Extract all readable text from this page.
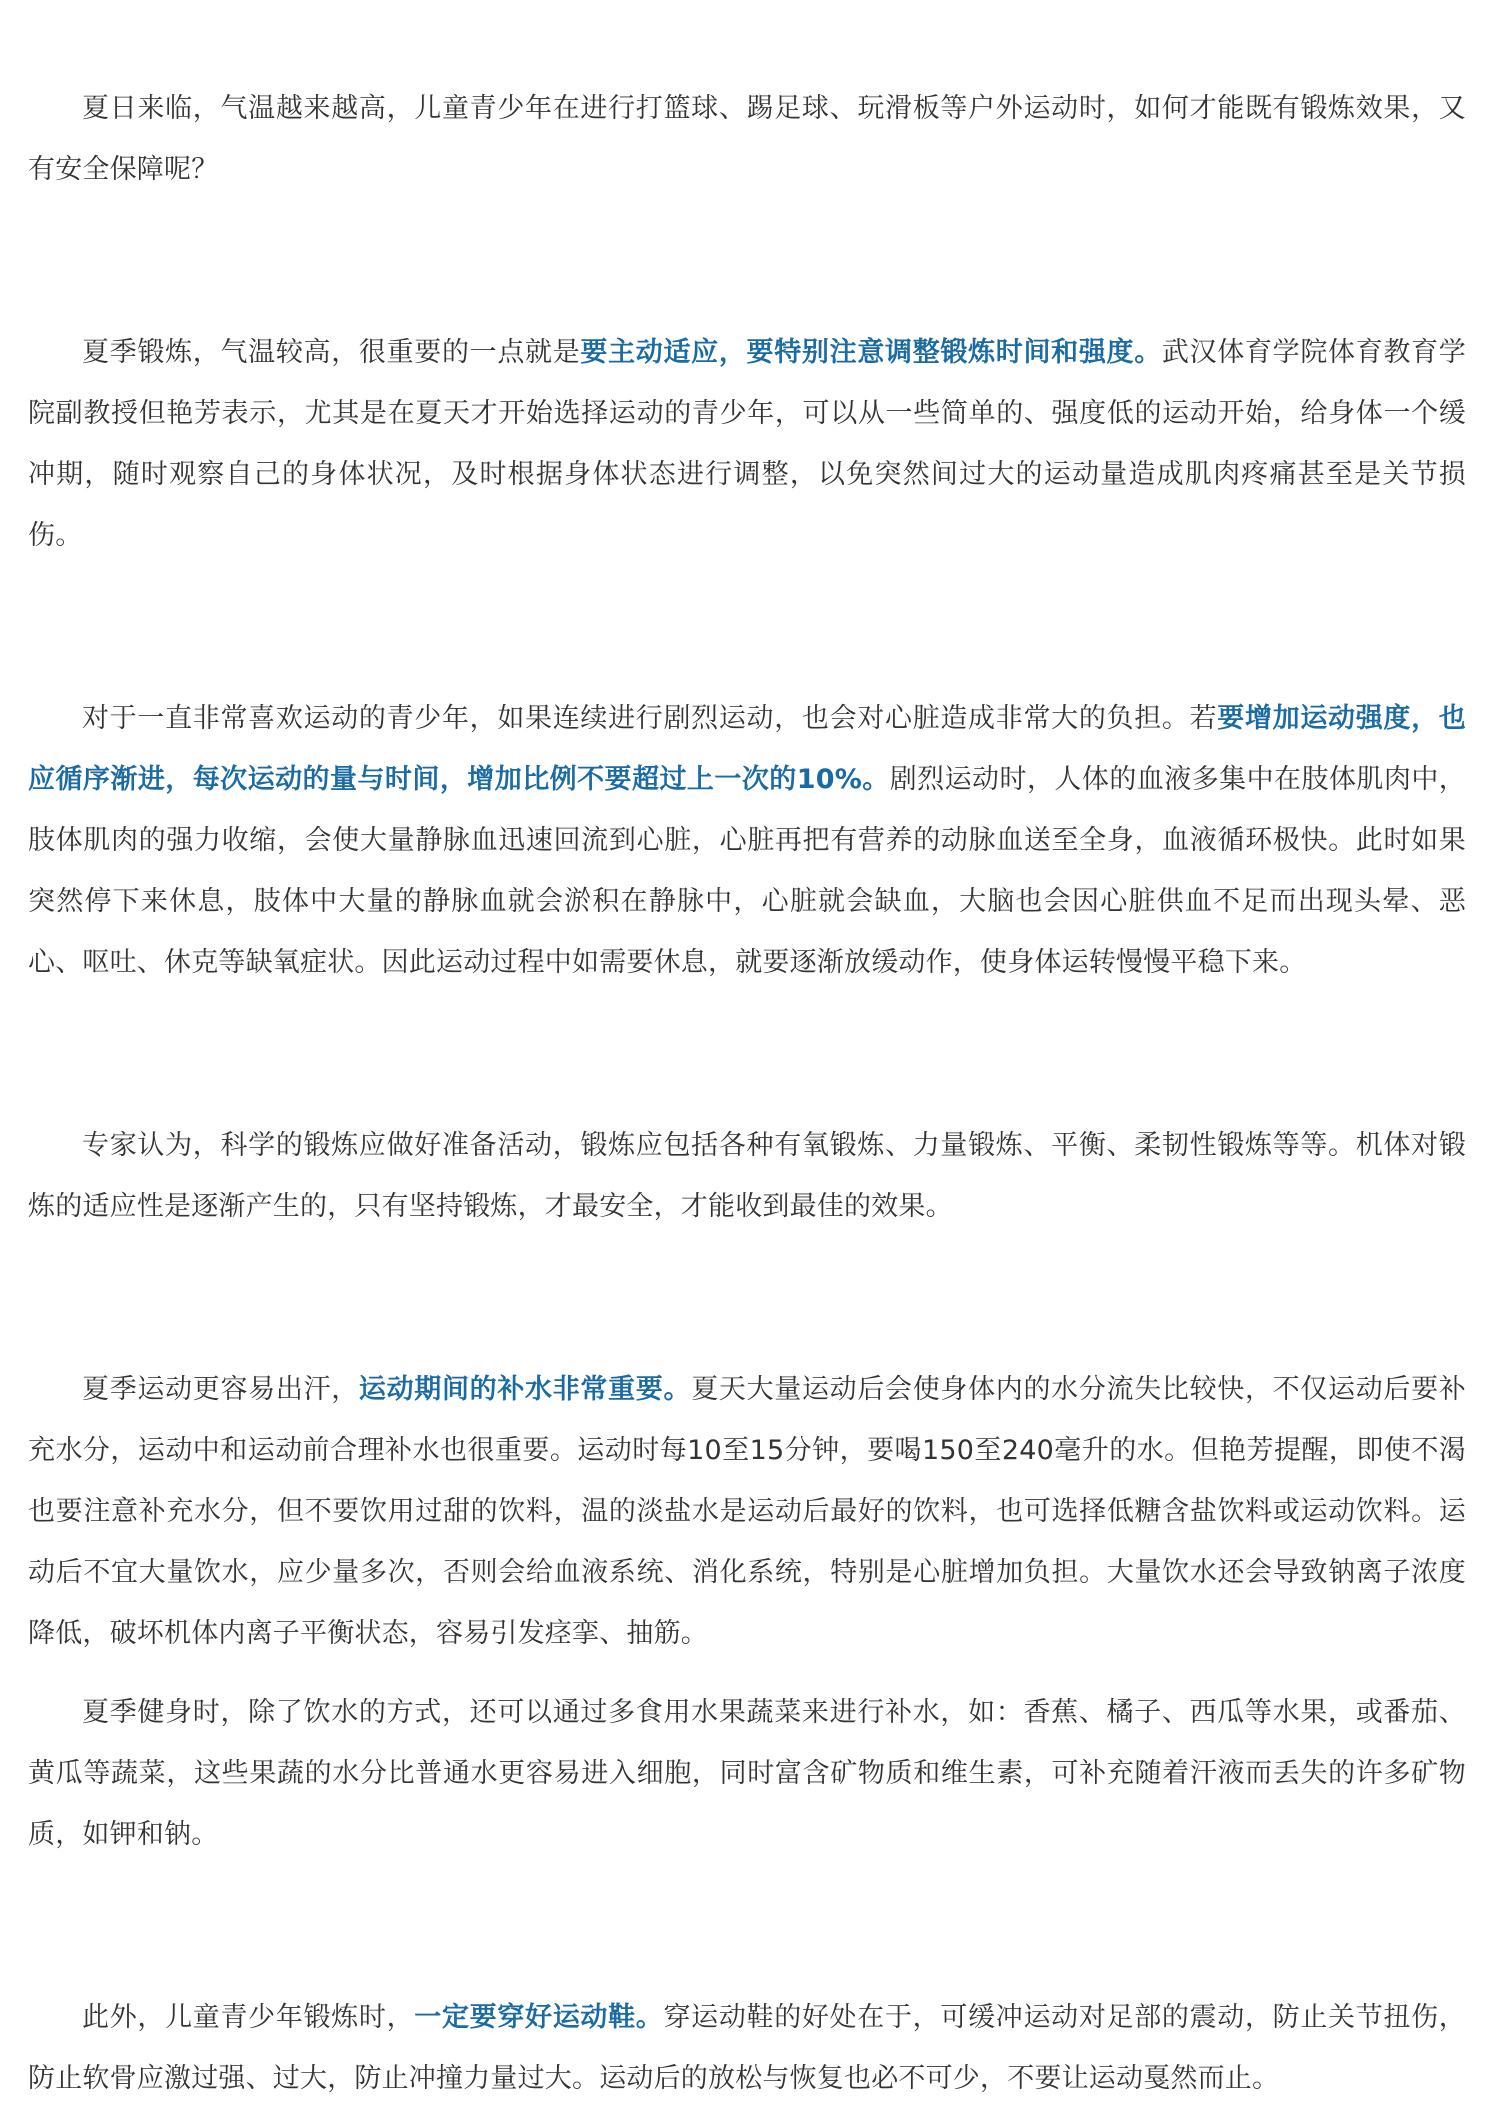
夏日来临，气温越来越高，儿童青少年在进行打篮球、踢足球、玩滑板等户外运动时，如何才能既有锻炼效果，又有安全保障呢？

夏季锻炼，气温较高，很重要的一点就是要主动适应，要特别注意调整锻炼时间和强度。武汉体育学院体育教育学院副教授但艳芳表示，尤其是在夏天才开始选择运动的青少年，可以从一些简单的、强度低的运动开始，给身体一个缓冲期，随时观察自己的身体状况，及时根据身体状态进行调整，以免突然间过大的运动量造成肌肉疼痛甚至是关节损伤。

对于一直非常喜欢运动的青少年，如果连续进行剧烈运动，也会对心脏造成非常大的负担。若要增加运动强度，也应循序渐进，每次运动的量与时间，增加比例不要超过上一次的10%。剧烈运动时，人体的血液多集中在肢体肌肉中，肢体肌肉的强力收缩，会使大量静脉血迅速回流到心脏，心脏再把有营养的动脉血送至全身，血液循环极快。此时如果突然停下来休息，肢体中大量的静脉血就会淤积在静脉中，心脏就会缺血，大脑也会因心脏供血不足而出现头晕、恶心、呕吐、休克等缺氧症状。因此运动过程中如需要休息，就要逐渐放缓动作，使身体运转慢慢平稳下来。

专家认为，科学的锻炼应做好准备活动，锻炼应包括各种有氧锻炼、力量锻炼、平衡、柔韧性锻炼等等。机体对锻炼的适应性是逐渐产生的，只有坚持锻炼，才最安全，才能收到最佳的效果。

夏季运动更容易出汗，运动期间的补水非常重要。夏天大量运动后会使身体内的水分流失比较快，不仅运动后要补充水分，运动中和运动前合理补水也很重要。运动时每10至15分钟，要喝150至240毫升的水。但艳芳提醒，即使不渴也要注意补充水分，但不要饮用过甜的饮料，温的淡盐水是运动后最好的饮料，也可选择低糖含盐饮料或运动饮料。运动后不宜大量饮水，应少量多次，否则会给血液系统、消化系统，特别是心脏增加负担。大量饮水还会导致钠离子浓度降低，破坏机体内离子平衡状态，容易引发痉挛、抽筋。

夏季健身时，除了饮水的方式，还可以通过多食用水果蔬菜来进行补水，如：香蕉、橘子、西瓜等水果，或番茄、黄瓜等蔬菜，这些果蔬的水分比普通水更容易进入细胞，同时富含矿物质和维生素，可补充随着汗液而丢失的许多矿物质，如钾和钠。

此外，儿童青少年锻炼时，一定要穿好运动鞋。穿运动鞋的好处在于，可缓冲运动对足部的震动，防止关节扭伤，防止软骨应激过强、过大，防止冲撞力量过大。运动后的放松与恢复也必不可少，不要让运动戛然而止。
